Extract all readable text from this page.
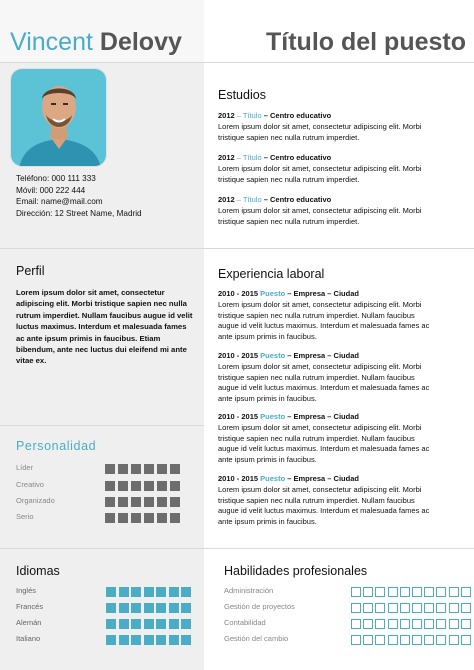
Vincent Delovy	Título del puesto
Teléfono: 000 111 333
Móvil: 000 222 444
Email: name@mail.com
Dirección: 12 Street Name, Madrid
Perfil
Lorem ipsum dolor sit amet, consectetur adipiscing elit. Morbi tristique sapien nec nulla rutrum imperdiet. Nullam faucibus augue id velit luctus maximus. Interdum et malesuada fames ac ante ipsum primis in faucibus. Etiam bibendum, ante nec luctus dui eleifend mi ante vitae ex.
Personalidad
Líder
Creativo
Organizado
Serio
Estudios
2012 – Título – Centro educativo
Lorem ipsum dolor sit amet, consectetur adipiscing elit. Morbi tristique sapien nec nulla rutrum imperdiet.
2012 – Título – Centro educativo
Lorem ipsum dolor sit amet, consectetur adipiscing elit. Morbi tristique sapien nec nulla rutrum imperdiet.
2012 – Título – Centro educativo
Lorem ipsum dolor sit amet, consectetur adipiscing elit. Morbi tristique sapien nec nulla rutrum imperdiet.
Experiencia laboral
2010 - 2015 Puesto – Empresa – Ciudad
Lorem ipsum dolor sit amet, consectetur adipiscing elit. Morbi tristique sapien nec nulla rutrum imperdiet. Nullam faucibus augue id velit luctus maximus. Interdum et malesuada fames ac ante ipsum primis in faucibus.
2010 - 2015 Puesto – Empresa – Ciudad
Lorem ipsum dolor sit amet, consectetur adipiscing elit. Morbi tristique sapien nec nulla rutrum imperdiet. Nullam faucibus augue id velit luctus maximus. Interdum et malesuada fames ac ante ipsum primis in faucibus.
2010 - 2015 Puesto – Empresa – Ciudad
Lorem ipsum dolor sit amet, consectetur adipiscing elit. Morbi tristique sapien nec nulla rutrum imperdiet. Nullam faucibus augue id velit luctus maximus. Interdum et malesuada fames ac ante ipsum primis in faucibus.
2010 - 2015 Puesto – Empresa – Ciudad
Lorem ipsum dolor sit amet, consectetur adipiscing elit. Morbi tristique sapien nec nulla rutrum imperdiet. Nullam faucibus augue id velit luctus maximus. Interdum et malesuada fames ac ante ipsum primis in faucibus.
Idiomas
Inglés
Francés
Alemán
Italiano
Habilidades profesionales
Administración
Gestión de proyectos
Contabilidad
Gestión del cambio
